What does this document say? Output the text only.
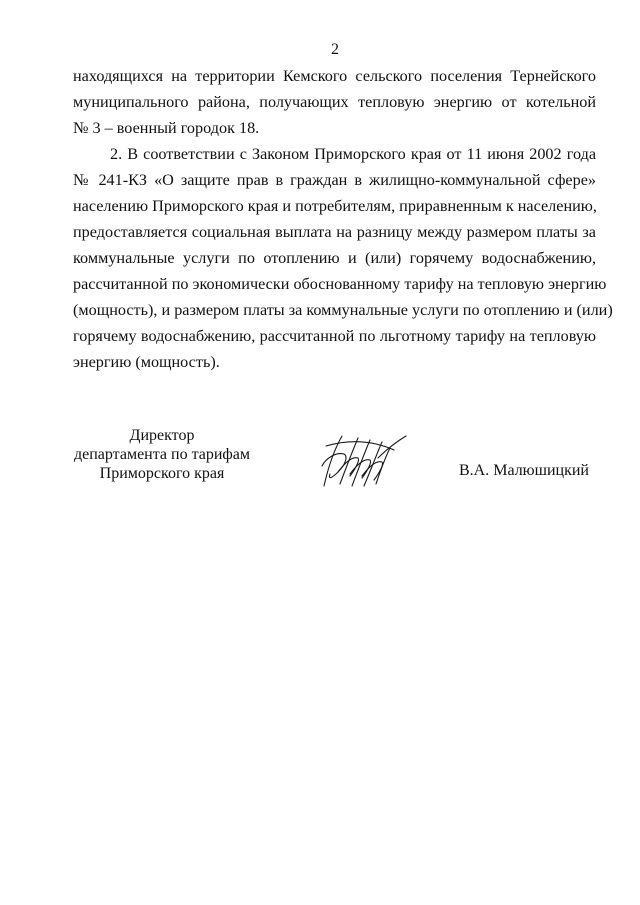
2
находящихся на территории Кемского сельского поселения Тернейского
муниципального района, получающих тепловую энергию от котельной
№ 3 – военный городок 18.
2. В соответствии с Законом Приморского края от 11 июня 2002 года
№ 241-КЗ «О защите прав в граждан в жилищно-коммунальной сфере»
населению Приморского края и потребителям, приравненным к населению,
предоставляется социальная выплата на разницу между размером платы за
коммунальные услуги по отоплению и (или) горячему водоснабжению,
рассчитанной по экономически обоснованному тарифу на тепловую энергию
(мощность), и размером платы за коммунальные услуги по отоплению и (или)
горячему водоснабжению, рассчитанной по льготному тарифу на тепловую
энергию (мощность).
Директор
департамента по тарифам
Приморского края	В.А. Малюшицкий
